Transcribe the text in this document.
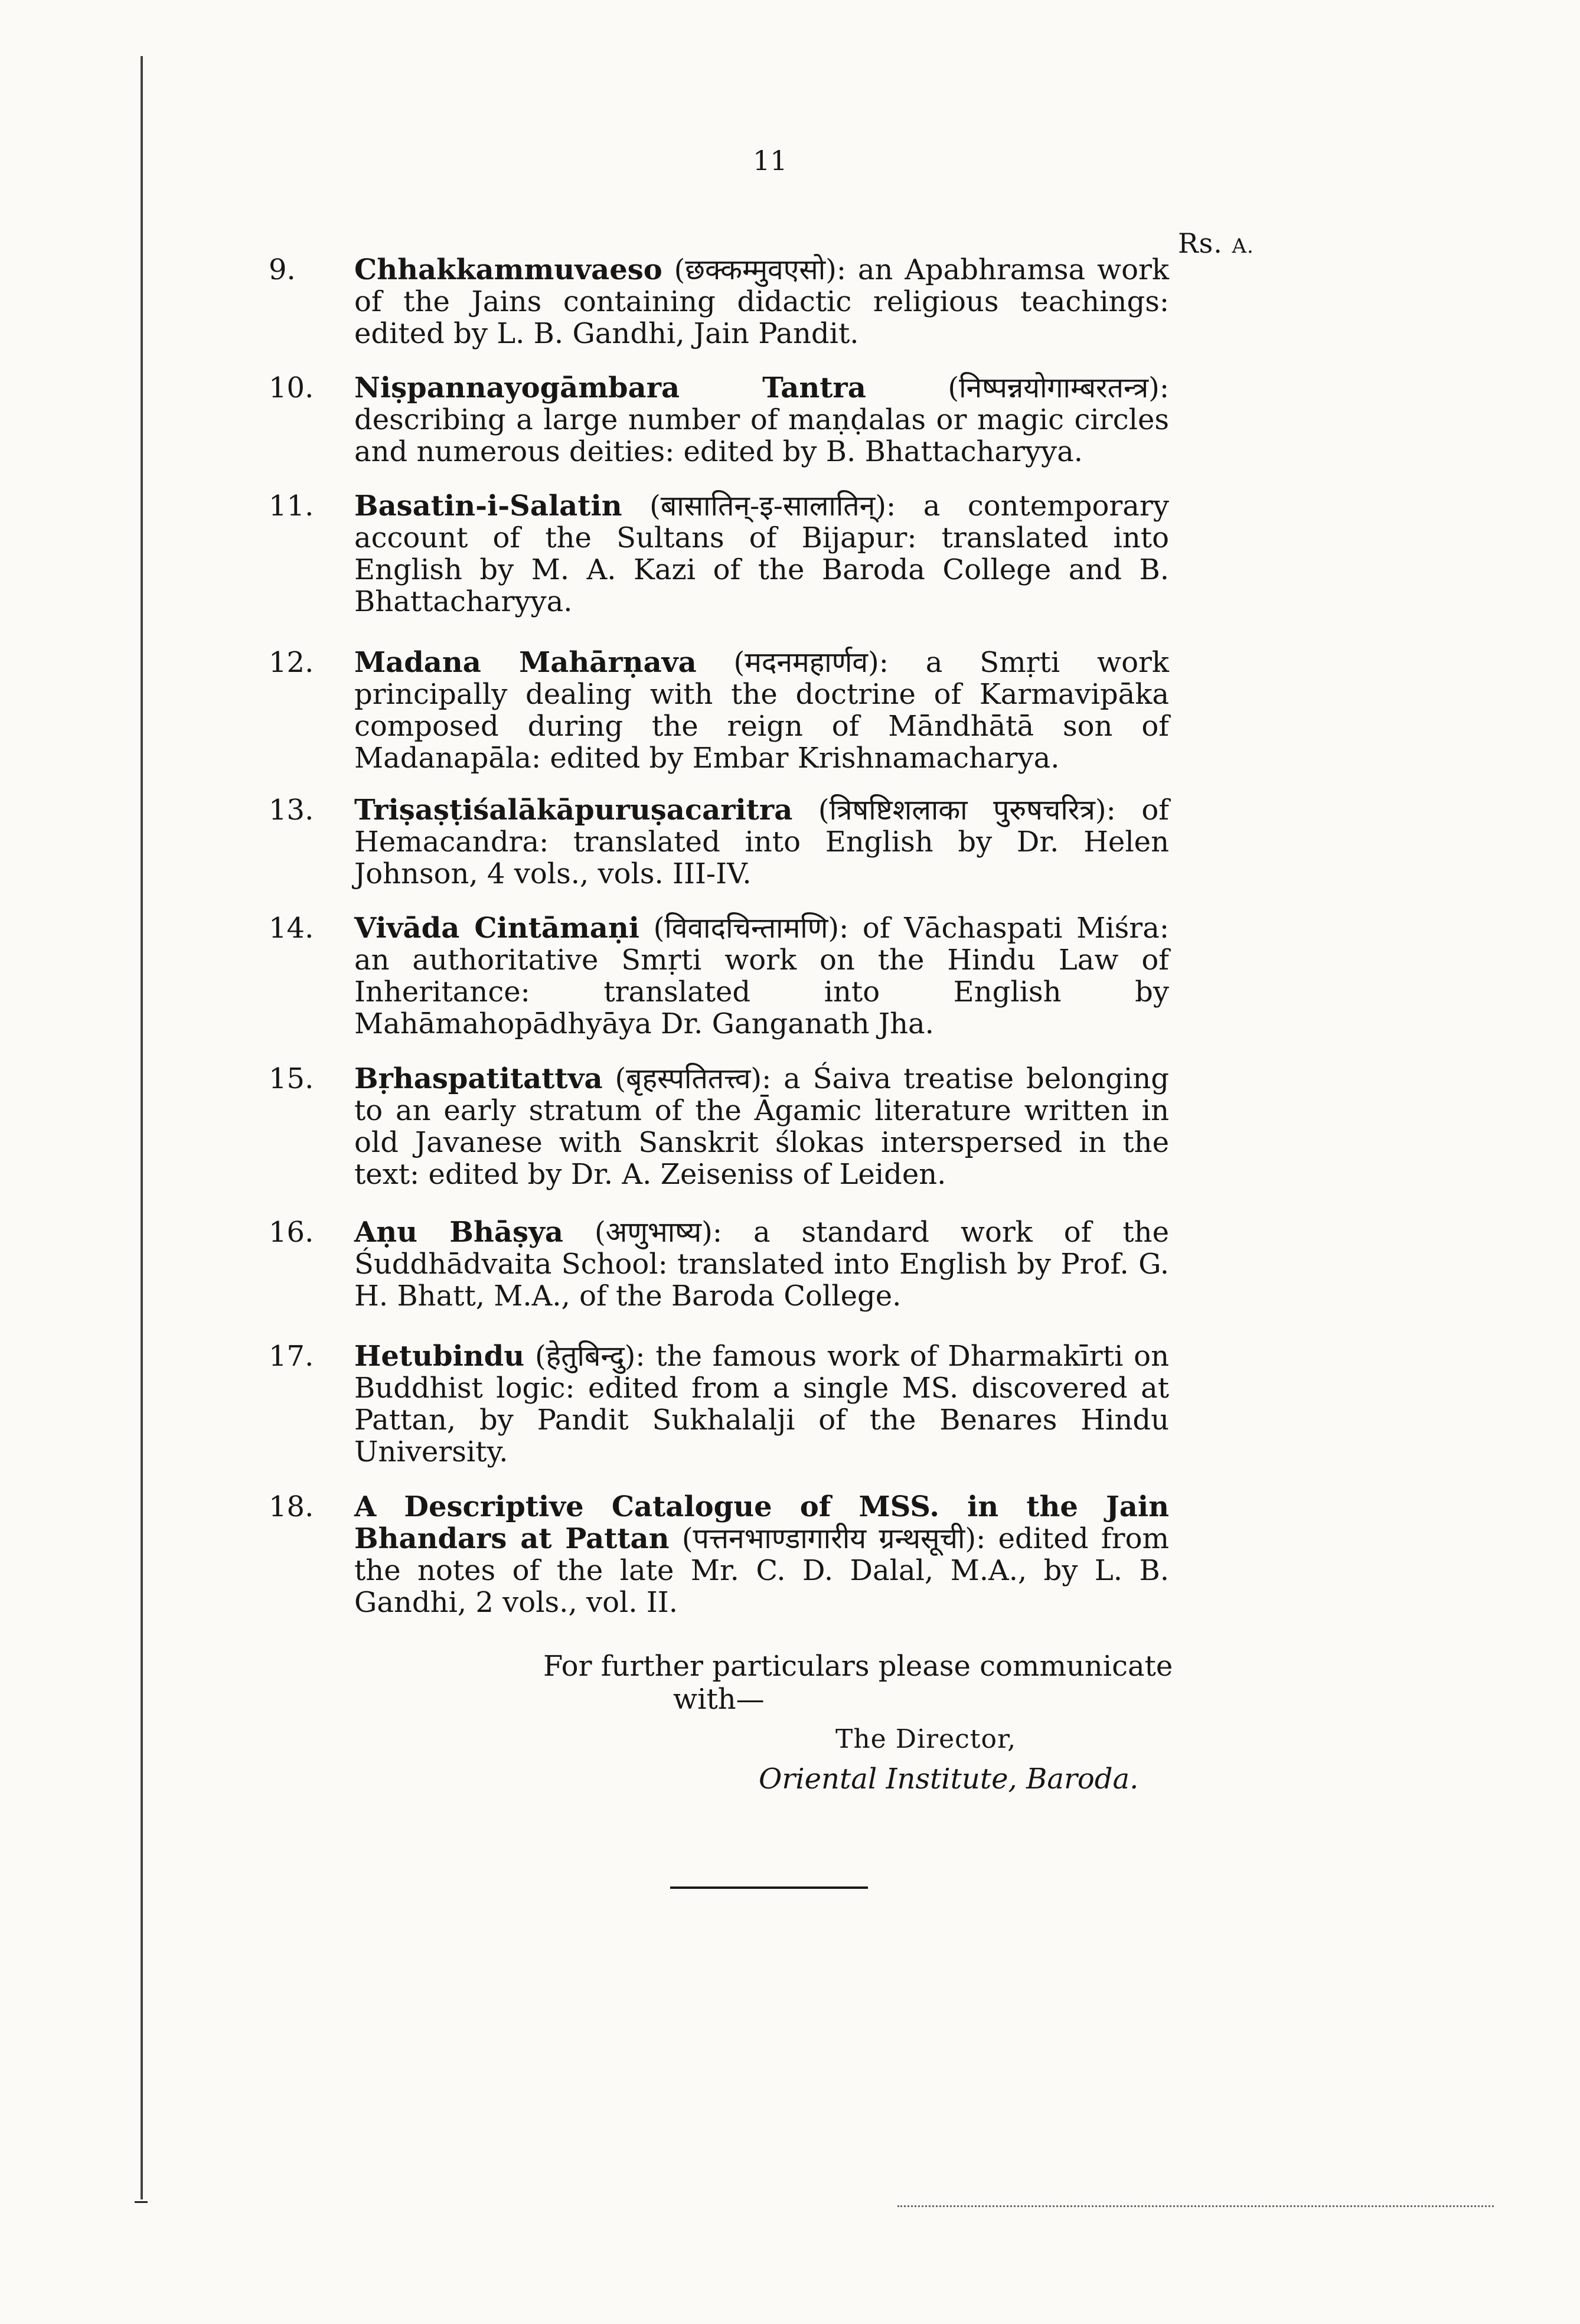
11
Rs. A.
9. Chhakkammuvaeso (छक्कम्मुवएसो): an Apabhramsa work of the Jains containing didactic religious teachings: edited by L. B. Gandhi, Jain Pandit.
10. Niṣpannayogāmbara Tantra	(निष्पन्नयोगाम्बरतन्त्र): describing a large number of maṇḍalas or magic circles and numerous deities: edited by B. Bhattacharyya.
11. Basatin-i-Salatin (बासातिन्-इ-सालातिन्): a contemporary account of the Sultans of Bijapur: translated into English by M. A. Kazi of the Baroda College and B. Bhattacharyya.
12. Madana Mahārṇava (मदनमहार्णव): a Smṛti work principally dealing with the doctrine of Karmavipāka composed during the reign of Māndhātā son of Madanapāla: edited by Embar Krishnamacharya.
13. Triṣaṣṭiśalākāpuruṣacaritra (त्रिषष्टिशलाका पुरुषचरित्र): of Hemacandra: translated into English by Dr. Helen Johnson, 4 vols., vols. III-IV.
14. Vivāda Cintāmaṇi (विवादचिन्तामणि): of Vāchaspati Miśra: an authoritative Smṛti work on the Hindu Law of Inheritance: translated into English by Mahāmahopādhyāya Dr. Ganganath Jha.
15. Bṛhaspatitattva (बृहस्पतितत्त्व): a Śaiva treatise belonging to an early stratum of the Āgamic literature written in old Javanese with Sanskrit ślokas interspersed in the text: edited by Dr. A. Zeiseniss of Leiden.
16. Aṇu Bhāṣya (अणुभाष्य): a standard work of the Śuddhādvaita School: translated into English by Prof. G. H. Bhatt, M.A., of the Baroda College.
17. Hetubindu (हेतुबिन्दु): the famous work of Dharmakīrti on Buddhist logic: edited from a single MS. discovered at Pattan, by Pandit Sukhalalji of the Benares Hindu University.
18. A Descriptive Catalogue of MSS. in the Jain Bhandars at Pattan (पत्तनभाण्डागारीय ग्रन्थसूची): edited from the notes of the late Mr. C. D. Dalal, M.A., by L. B. Gandhi, 2 vols., vol. II.
For further particulars please communicate
with—
The Director,
Oriental Institute, Baroda.
